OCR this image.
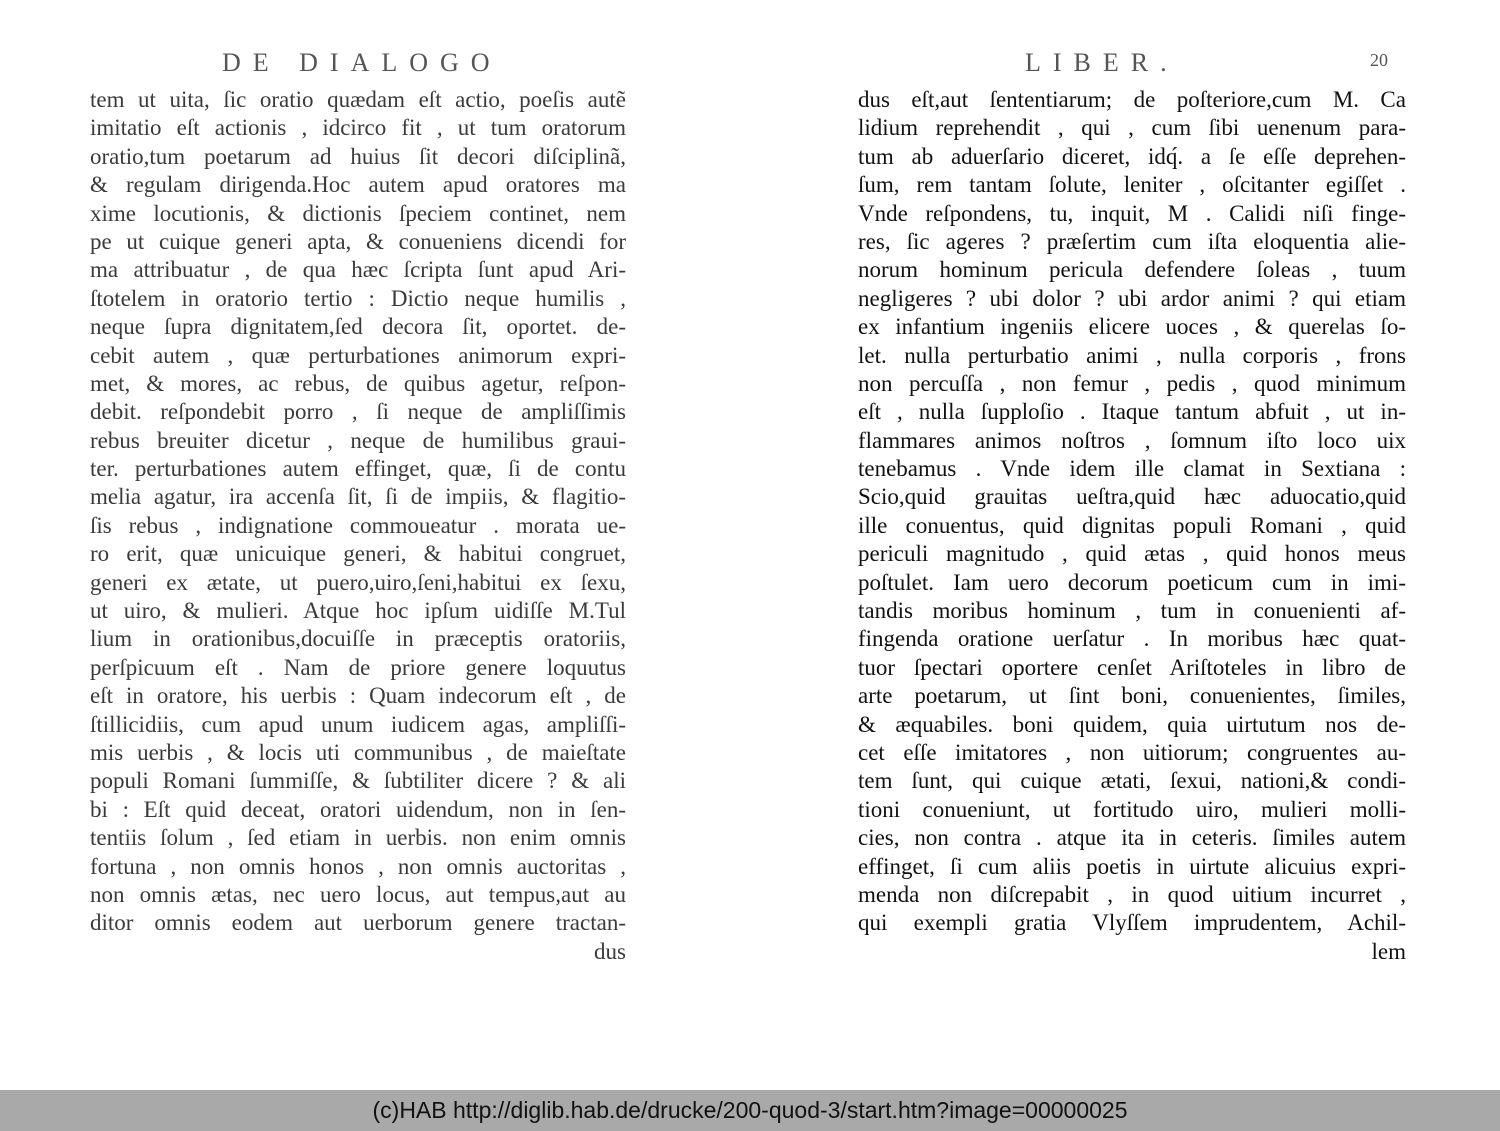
DE DIALOGO
tem ut uita, ſic oratio quædam eſt actio, poeſis autẽ
imitatio eſt actionis , idcirco fit , ut tum oratorum
oratio,tum poetarum ad huius ſit decori diſciplinã,
& regulam dirigenda.Hoc autem apud oratores ma
xime locutionis, & dictionis ſpeciem continet, nem
pe ut cuique generi apta, & conueniens dicendi for
ma attribuatur , de qua hæc ſcripta ſunt apud Ari-
ſtotelem in oratorio tertio : Dictio neque humilis ,
neque ſupra dignitatem,ſed decora ſit, oportet. de-
cebit autem , quæ perturbationes animorum expri-
met, & mores, ac rebus, de quibus agetur, reſpon-
debit. reſpondebit porro , ſi neque de ampliſſimis
rebus breuiter dicetur , neque de humilibus graui-
ter. perturbationes autem effinget, quæ, ſi de contu
melia agatur, ira accenſa ſit, ſi de impiis, & flagitio-
ſis rebus , indignatione commoueatur . morata ue-
ro erit, quæ unicuique generi, & habitui congruet,
generi ex ætate, ut puero,uiro,ſeni,habitui ex ſexu,
ut uiro, & mulieri. Atque hoc ipſum uidiſſe M.Tul
lium in orationibus,docuiſſe in præceptis oratoriis,
perſpicuum eſt . Nam de priore genere loquutus
eſt in oratore, his uerbis : Quam indecorum eſt , de
ſtillicidiis, cum apud unum iudicem agas, ampliſſi-
mis uerbis , & locis uti communibus , de maieſtate
populi Romani ſummiſſe, & ſubtiliter dicere ? & ali
bi : Eſt quid deceat, oratori uidendum, non in ſen-
tentiis ſolum , ſed etiam in uerbis. non enim omnis
fortuna , non omnis honos , non omnis auctoritas ,
non omnis ætas, nec uero locus, aut tempus,aut au
ditor omnis eodem aut uerborum genere tractan-
dus
LIBER.	20
dus eſt,aut ſententiarum; de poſteriore,cum M. Ca
lidium reprehendit , qui , cum ſibi uenenum para-
tum ab aduerſario diceret, idq́. a ſe eſſe deprehen-
ſum, rem tantam ſolute, leniter , oſcitanter egiſſet .
Vnde reſpondens, tu, inquit, M . Calidi niſi finge-
res, ſic ageres ? præſertim cum iſta eloquentia alie-
norum hominum pericula defendere ſoleas , tuum
negligeres ? ubi dolor ? ubi ardor animi ? qui etiam
ex infantium ingeniis elicere uoces , & querelas ſo-
let. nulla perturbatio animi , nulla corporis , frons
non percuſſa , non femur , pedis , quod minimum
eſt , nulla ſupploſio . Itaque tantum abfuit , ut in-
flammares animos noſtros , ſomnum iſto loco uix
tenebamus . Vnde idem ille clamat in Sextiana :
Scio,quid grauitas ueſtra,quid hæc aduocatio,quid
ille conuentus, quid dignitas populi Romani , quid
periculi magnitudo , quid ætas , quid honos meus
poſtulet. Iam uero decorum poeticum cum in imi-
tandis moribus hominum , tum in conuenienti af-
fingenda oratione uerſatur . In moribus hæc quat-
tuor ſpectari oportere cenſet Ariſtoteles in libro de
arte poetarum, ut ſint boni, conuenientes, ſimiles,
& æquabiles. boni quidem, quia uirtutum nos de-
cet eſſe imitatores , non uitiorum; congruentes au-
tem ſunt, qui cuique ætati, ſexui, nationi,& condi-
tioni conueniunt, ut fortitudo uiro, mulieri molli-
cies, non contra . atque ita in ceteris. ſimiles autem
effinget, ſi cum aliis poetis in uirtute alicuius expri-
menda non diſcrepabit , in quod uitium incurret ,
qui exempli gratia Vlyſſem imprudentem, Achil-
lem
(c)HAB http://diglib.hab.de/drucke/200-quod-3/start.htm?image=00000025
